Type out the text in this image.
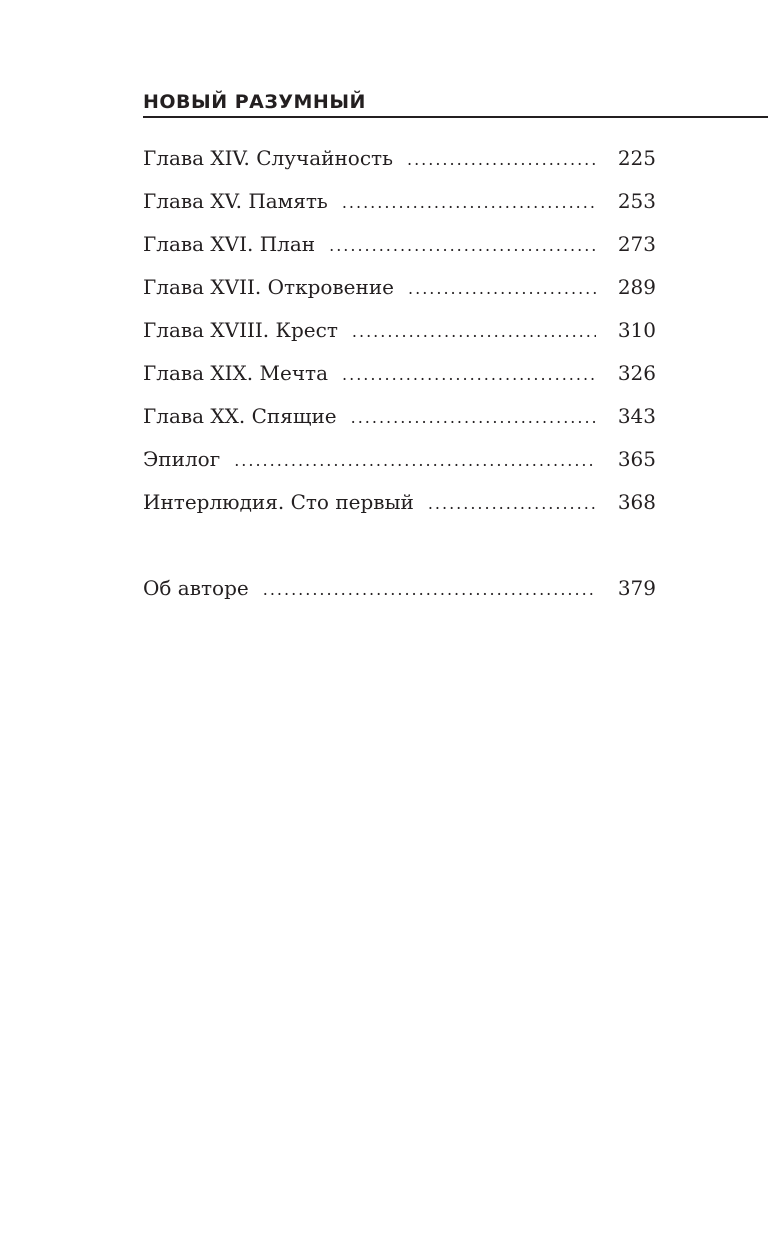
НОВЫЙ РАЗУМНЫЙ
Глава XIV. Случайность .....	225
Глава XV. Память .....	253
Глава XVI. План .....	273
Глава XVII. Откровение .....	289
Глава XVIII. Крест .....	310
Глава XIX. Мечта .....	326
Глава XX. Спящие .....	343
Эпилог .....	365
Интерлюдия. Сто первый .....	368
Об авторе .....	379
